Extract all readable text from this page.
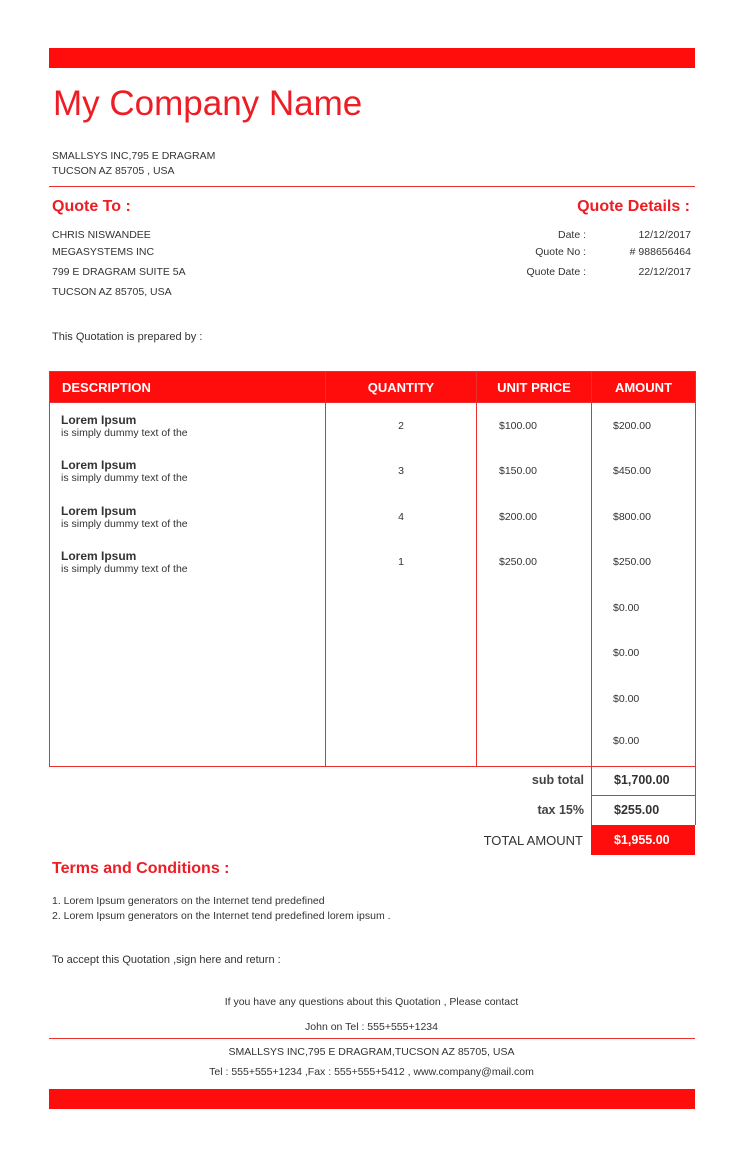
My Company Name
SMALLSYS INC,795 E DRAGRAM
TUCSON AZ 85705 , USA
Quote To :
CHRIS NISWANDEE
MEGASYSTEMS INC
799 E DRAGRAM SUITE 5A
TUCSON AZ 85705, USA
Quote Details :
Date :	12/12/2017
Quote No :	# 988656464
Quote Date :	22/12/2017
This Quotation is prepared by :
DESCRIPTION	QUANTITY	UNIT PRICE	AMOUNT

Lorem Ipsum
is simply dummy text of the	2	$100.00	$200.00

Lorem Ipsum
is simply dummy text of the	3	$150.00	$450.00

Lorem Ipsum
is simply dummy text of the	4	$200.00	$800.00

Lorem Ipsum
is simply dummy text of the	1	$250.00	$250.00

			$0.00

			$0.00

			$0.00

			$0.00
sub total $1,700.00
tax 15% $255.00
TOTAL AMOUNT $1,955.00
Terms and Conditions :
1. Lorem Ipsum generators on the Internet tend predefined
2. Lorem Ipsum generators on the Internet tend predefined lorem ipsum .
To accept this Quotation ,sign here and return :
If you have any questions about this Quotation , Please contact
John on Tel : 555+555+1234
SMALLSYS INC,795 E DRAGRAM,TUCSON AZ 85705, USA
Tel : 555+555+1234 ,Fax : 555+555+5412 , www.company@mail.com
